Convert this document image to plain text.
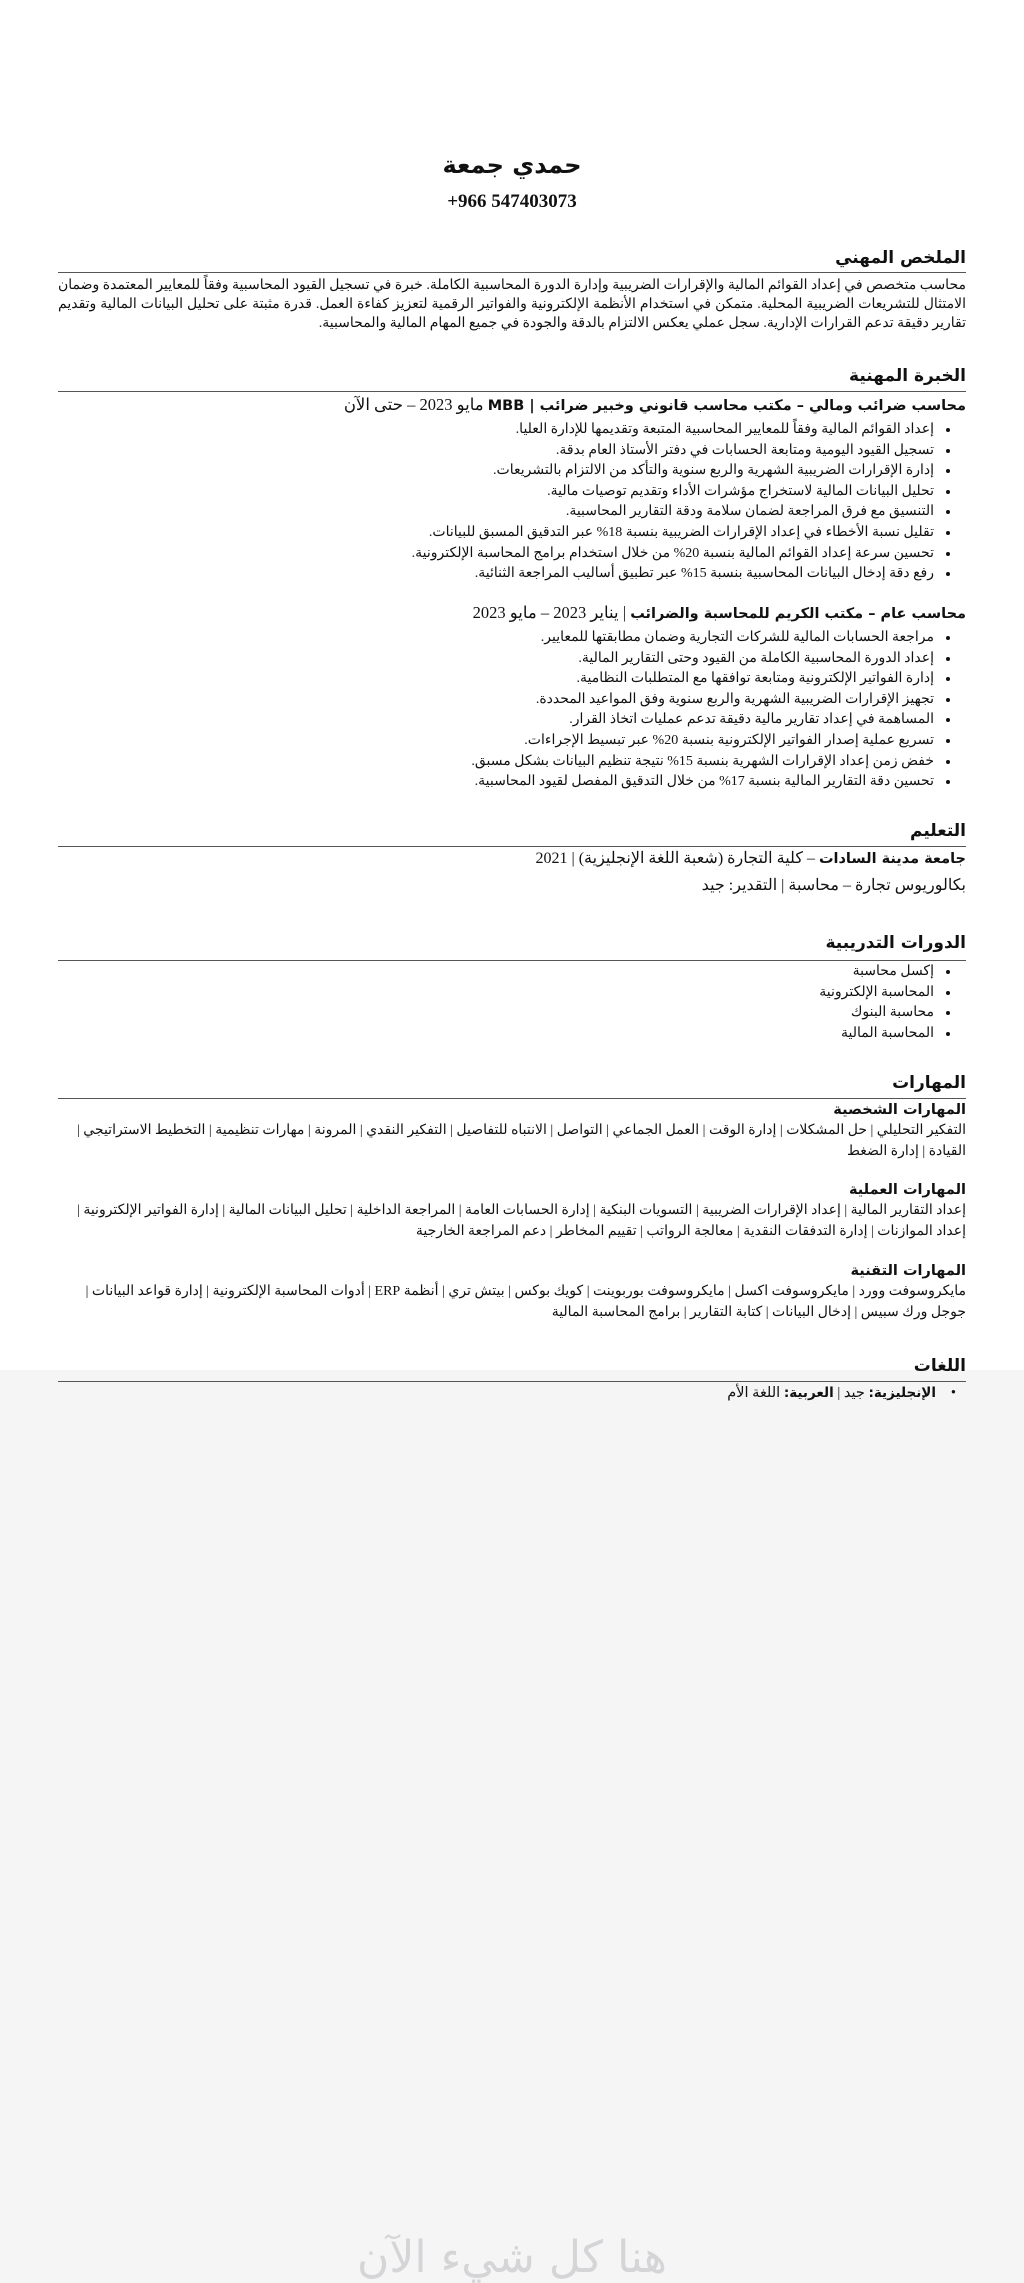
حمدي جمعة
+966 547403073
الملخص المهني
محاسب متخصص في إعداد القوائم المالية والإقرارات الضريبية وإدارة الدورة المحاسبية الكاملة. خبرة في تسجيل القيود المحاسبية وفقاً للمعايير المعتمدة وضمان الامتثال للتشريعات الضريبية المحلية. متمكن في استخدام الأنظمة الإلكترونية والفواتير الرقمية لتعزيز كفاءة العمل. قدرة مثبتة على تحليل البيانات المالية وتقديم تقارير دقيقة تدعم القرارات الإدارية. سجل عملي يعكس الالتزام بالدقة والجودة في جميع المهام المالية والمحاسبية.
الخبرة المهنية
محاسب ضرائب ومالي – مكتب محاسب قانوني وخبير ضرائب | MBB مايو 2023 – حتى الآن
• إعداد القوائم المالية وفقاً للمعايير المحاسبية المتبعة وتقديمها للإدارة العليا.
• تسجيل القيود اليومية ومتابعة الحسابات في دفتر الأستاذ العام بدقة.
• إدارة الإقرارات الضريبية الشهرية والربع سنوية والتأكد من الالتزام بالتشريعات.
• تحليل البيانات المالية لاستخراج مؤشرات الأداء وتقديم توصيات مالية.
• التنسيق مع فرق المراجعة لضمان سلامة ودقة التقارير المحاسبية.
• تقليل نسبة الأخطاء في إعداد الإقرارات الضريبية بنسبة 18% عبر التدقيق المسبق للبيانات.
• تحسين سرعة إعداد القوائم المالية بنسبة 20% من خلال استخدام برامج المحاسبة الإلكترونية.
• رفع دقة إدخال البيانات المحاسبية بنسبة 15% عبر تطبيق أساليب المراجعة الثنائية.
محاسب عام – مكتب الكريم للمحاسبة والضرائب | يناير 2023 – مايو 2023
• مراجعة الحسابات المالية للشركات التجارية وضمان مطابقتها للمعايير.
• إعداد الدورة المحاسبية الكاملة من القيود وحتى التقارير المالية.
• إدارة الفواتير الإلكترونية ومتابعة توافقها مع المتطلبات النظامية.
• تجهيز الإقرارات الضريبية الشهرية والربع سنوية وفق المواعيد المحددة.
• المساهمة في إعداد تقارير مالية دقيقة تدعم عمليات اتخاذ القرار.
• تسريع عملية إصدار الفواتير الإلكترونية بنسبة 20% عبر تبسيط الإجراءات.
• خفض زمن إعداد الإقرارات الشهرية بنسبة 15% نتيجة تنظيم البيانات بشكل مسبق.
• تحسين دقة التقارير المالية بنسبة 17% من خلال التدقيق المفصل لقيود المحاسبية.
التعليم
جامعة مدينة السادات – كلية التجارة (شعبة اللغة الإنجليزية) | 2021
بكالوريوس تجارة – محاسبة | التقدير: جيد
الدورات التدريبية
• إكسل محاسبة
• المحاسبة الإلكترونية
• محاسبة البنوك
• المحاسبة المالية
المهارات
المهارات الشخصية
التفكير التحليلي | حل المشكلات | إدارة الوقت | العمل الجماعي | التواصل | الانتباه للتفاصيل | التفكير النقدي | المرونة | مهارات تنظيمية | التخطيط الاستراتيجي | القيادة | إدارة الضغط
المهارات العملية
إعداد التقارير المالية | إعداد الإقرارات الضريبية | التسويات البنكية | إدارة الحسابات العامة | المراجعة الداخلية | تحليل البيانات المالية | إدارة الفواتير الإلكترونية | إعداد الموازنات | إدارة التدفقات النقدية | معالجة الرواتب | تقييم المخاطر | دعم المراجعة الخارجية
المهارات التقنية
مايكروسوفت وورد | مايكروسوفت اكسل | مايكروسوفت بوربوينت | كويك بوكس | بيتش تري | أنظمة ERP | أدوات المحاسبة الإلكترونية | إدارة قواعد البيانات | جوجل ورك سبيس | إدخال البيانات | كتابة التقارير | برامج المحاسبة المالية
اللغات
•
الإنجليزية: جيد | العربية: اللغة الأم
هنا كل شيء الآن
